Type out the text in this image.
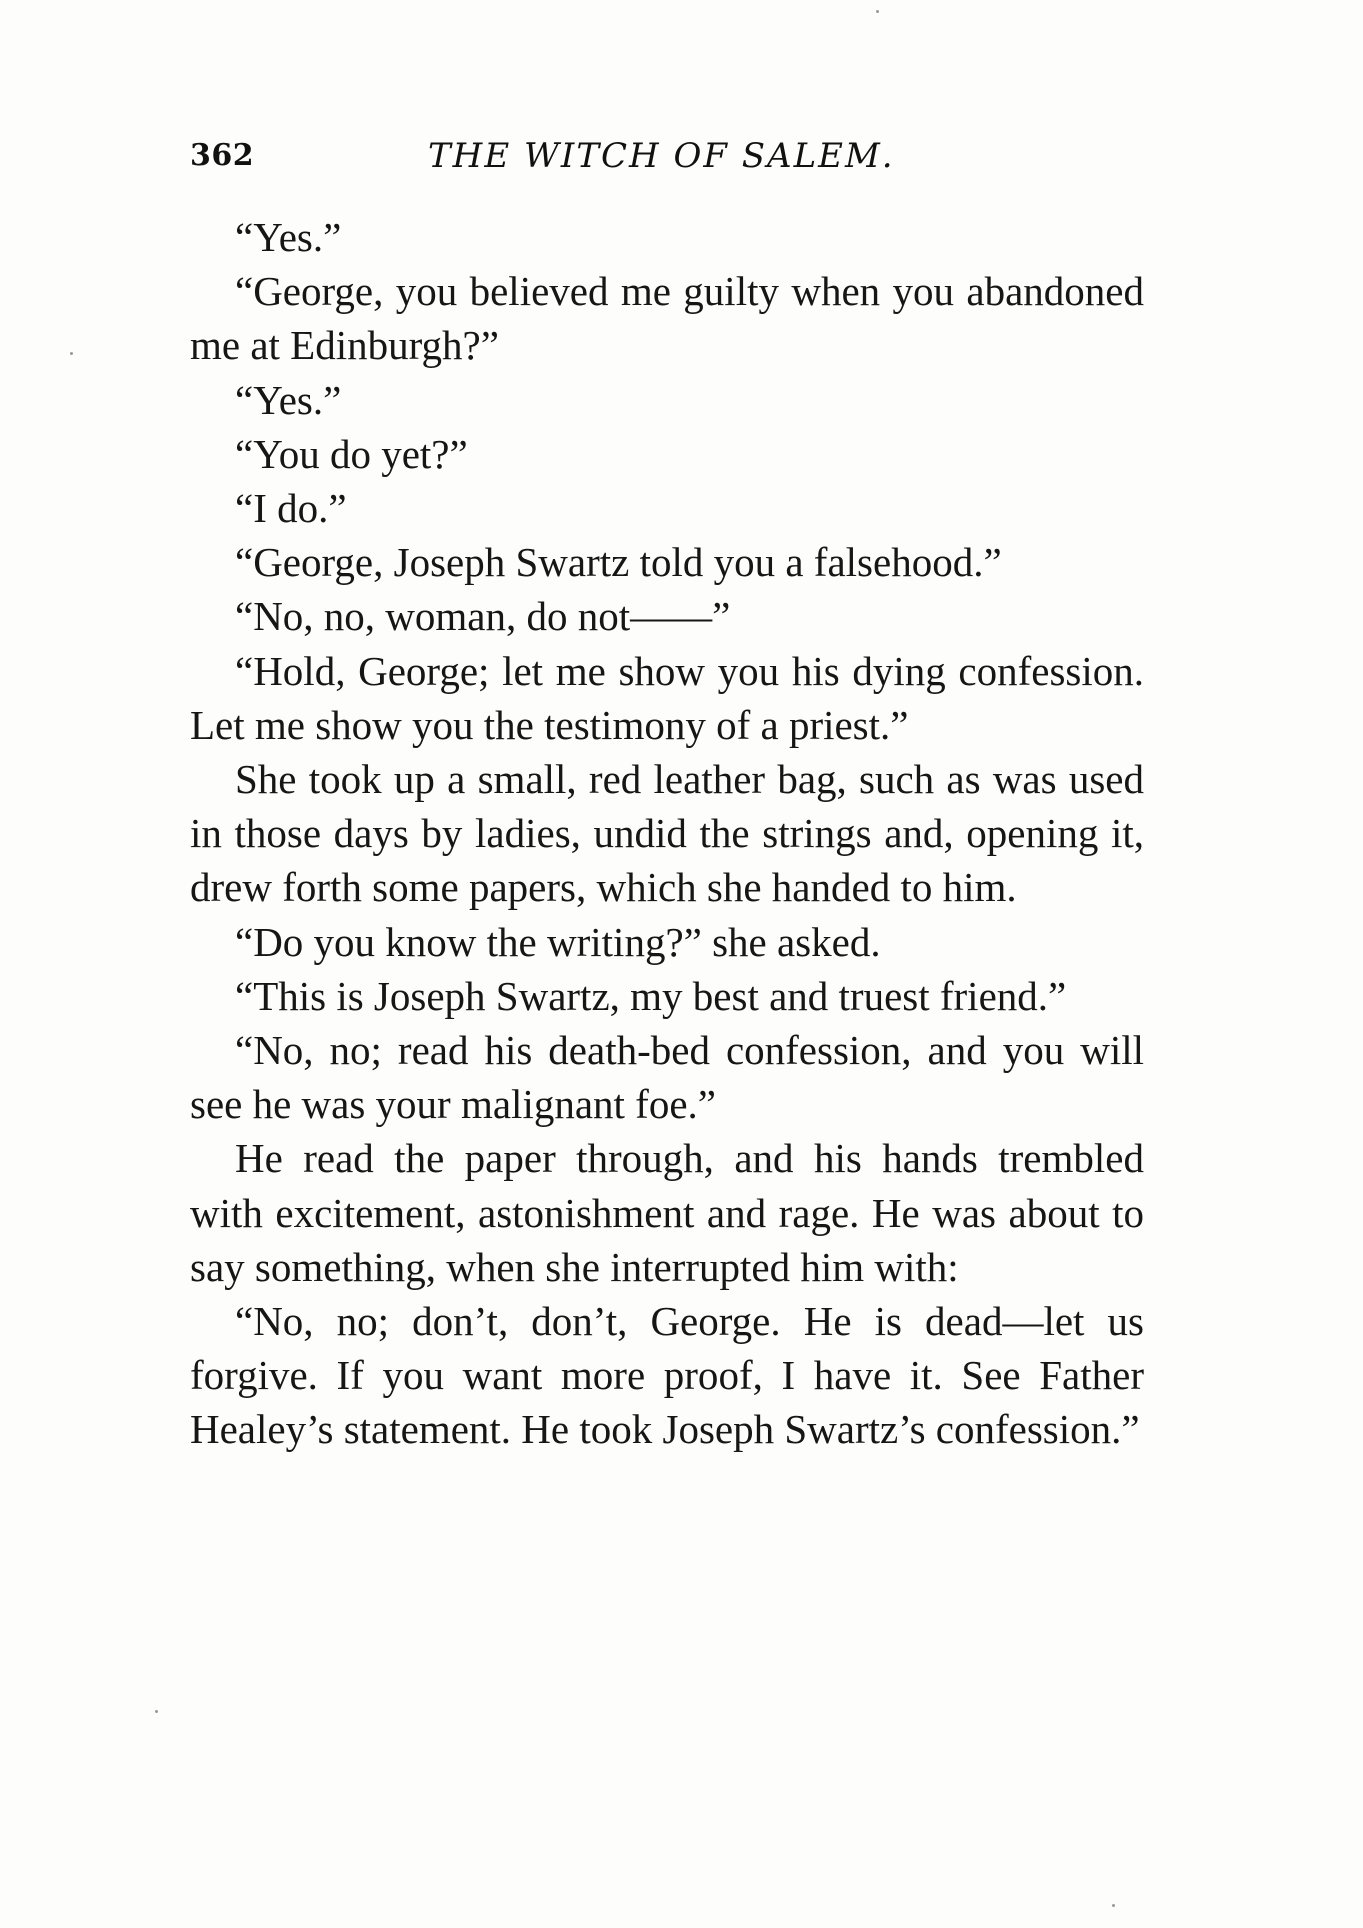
362	THE WITCH OF SALEM.

“Yes.”

“George, you believed me guilty when you abandoned me at Edinburgh?”

“Yes.”

“You do yet?”

“I do.”

“George, Joseph Swartz told you a falsehood.”

“No, no, woman, do not——”

“Hold, George; let me show you his dying confession. Let me show you the testimony of a priest.”

She took up a small, red leather bag, such as was used in those days by ladies, undid the strings and, opening it, drew forth some papers, which she handed to him.

“Do you know the writing?” she asked.

“This is Joseph Swartz, my best and truest friend.”

“No, no; read his death-bed confession, and you will see he was your malignant foe.”

He read the paper through, and his hands trembled with excitement, astonishment and rage. He was about to say something, when she interrupted him with:

“No, no; don’t, don’t, George. He is dead—let us forgive. If you want more proof, I have it. See Father Healey’s statement. He took Joseph Swartz’s confession.”
